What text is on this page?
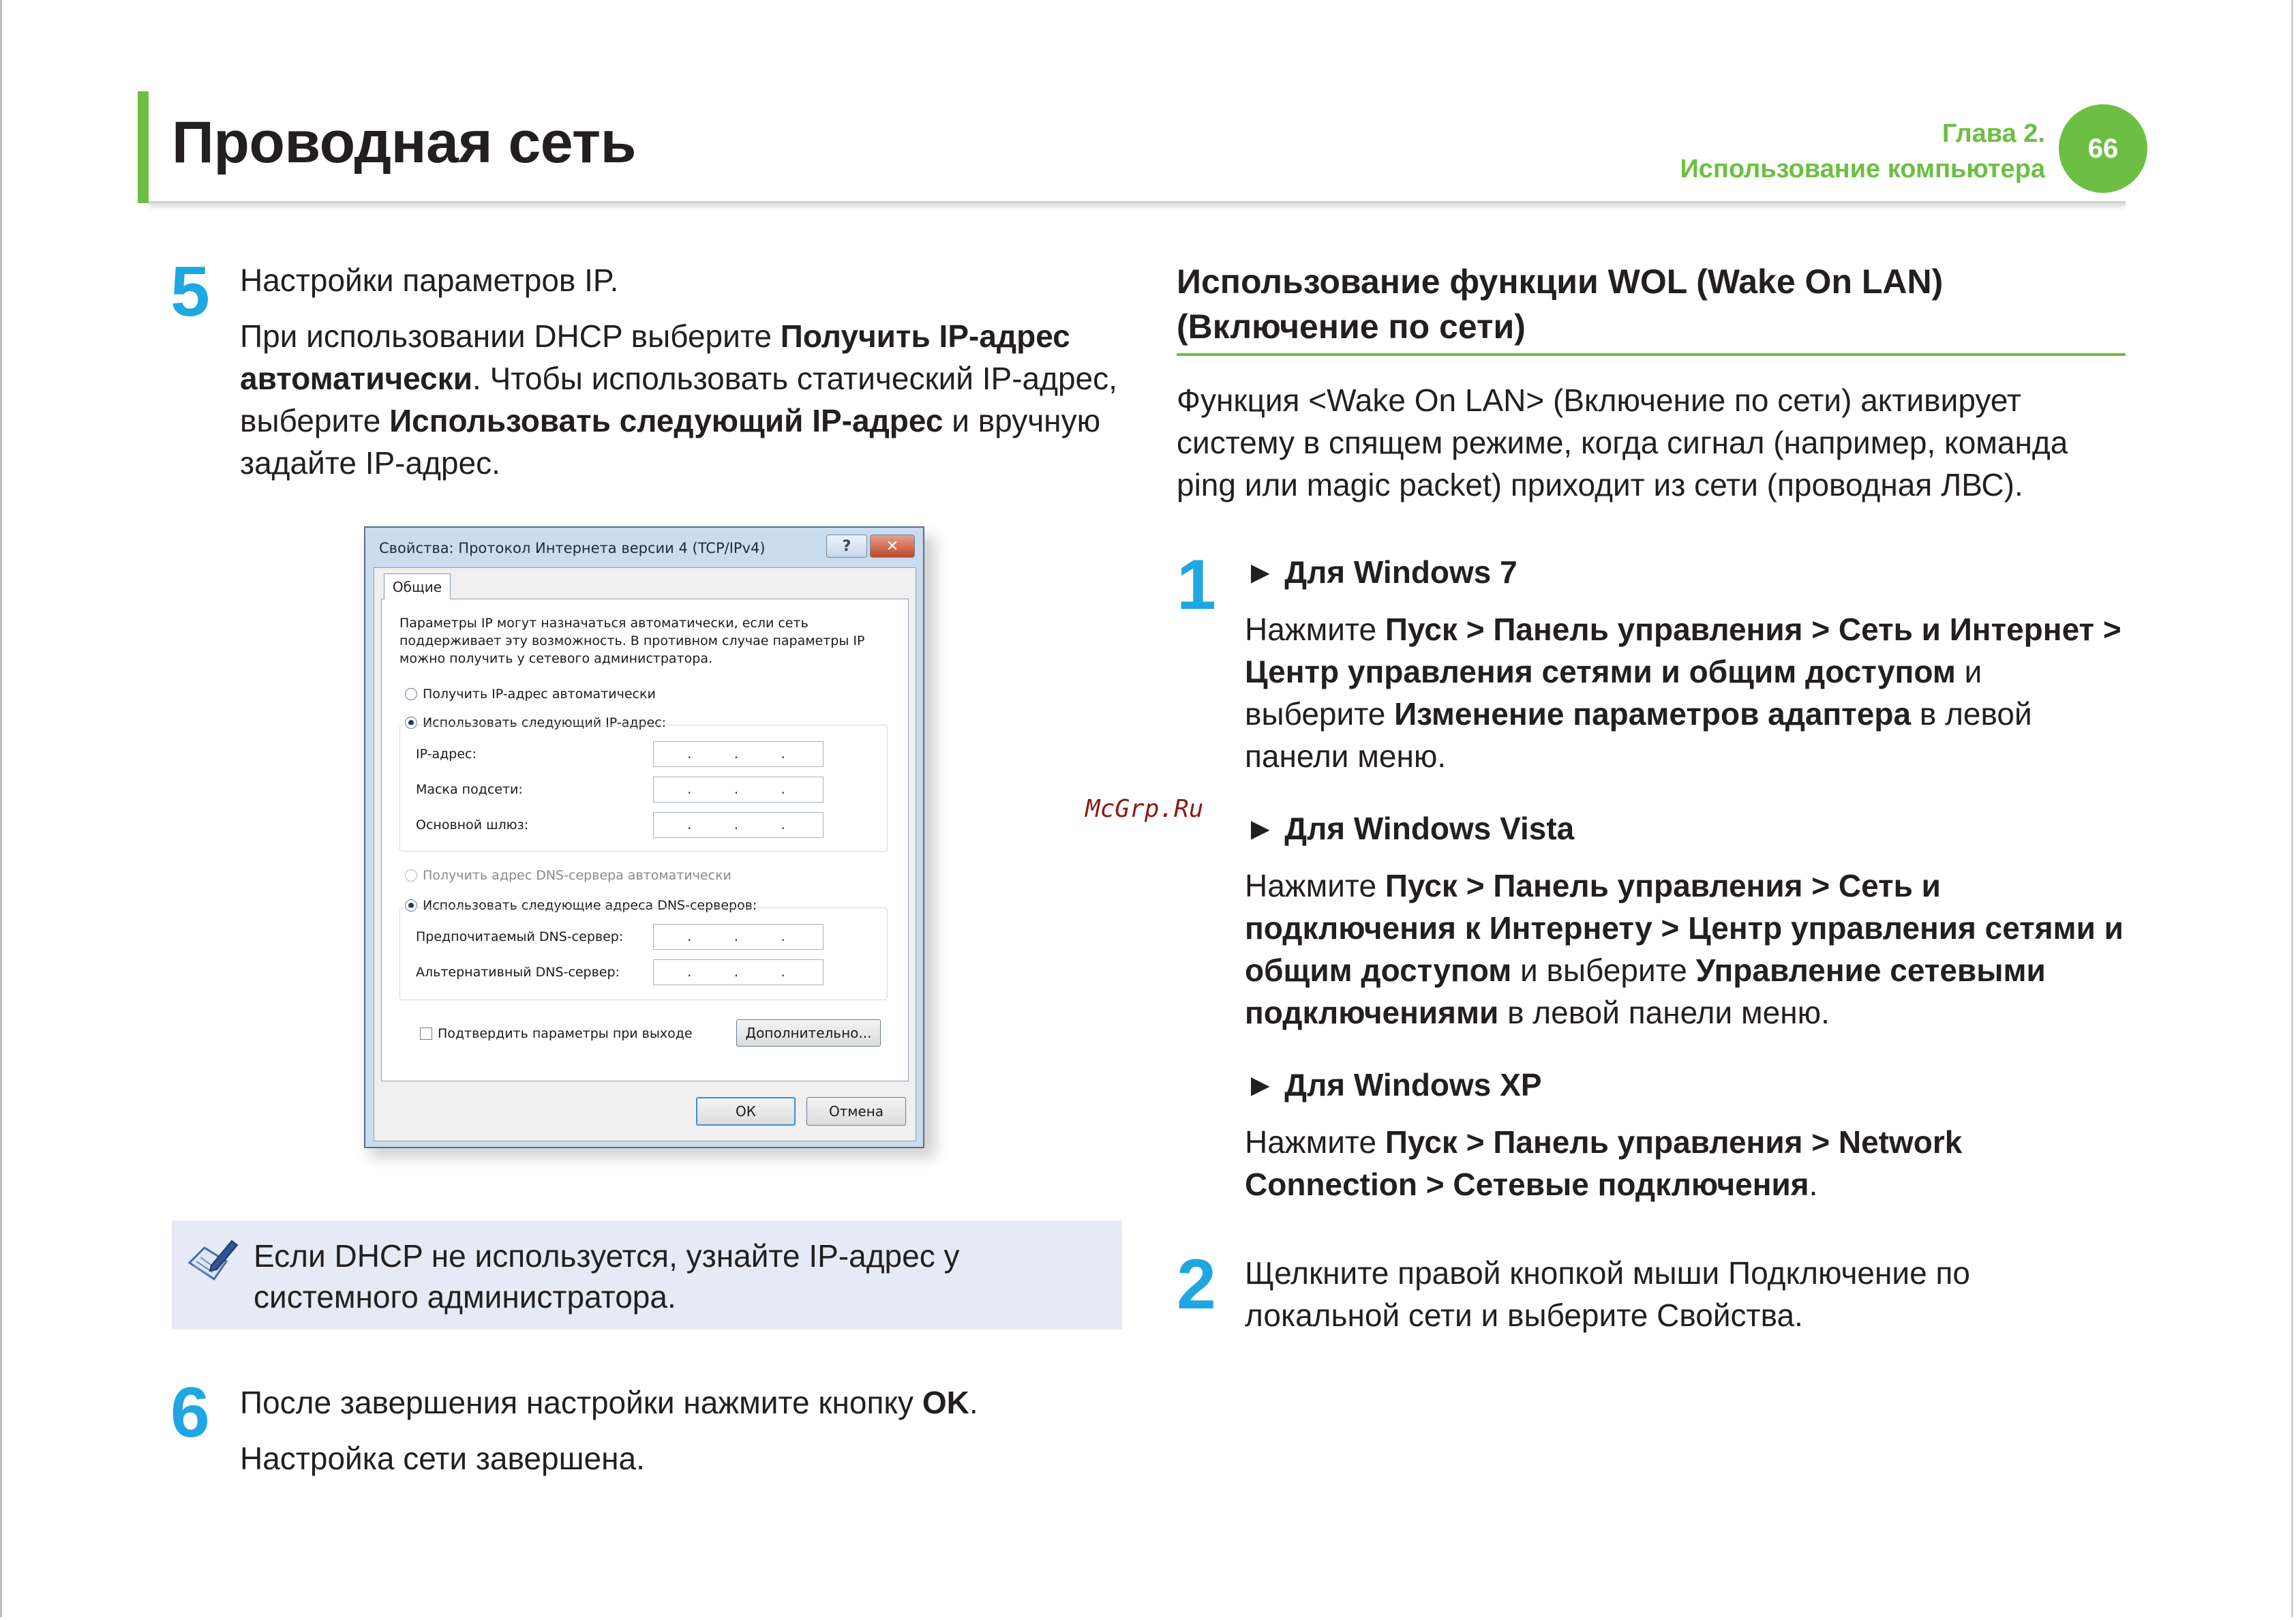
Проводная сеть	Глава 2.
Использование компьютера
66
5 Настройки параметров IP.
При использовании DHCP выберите Получить IP-адрес автоматически. Чтобы использовать статический IP-адрес, выберите Использовать следующий IP-адрес и вручную задайте IP-адрес.
Свойства: Протокол Интернета версии 4 (TCP/IPv4)	?	✕
Общие
Параметры IP могут назначаться автоматически, если сеть поддерживает эту возможность. В противном случае параметры IP можно получить у сетевого администратора.
Получить IP-адрес автоматически
Использовать следующий IP-адрес:
IP-адрес:	. . .
Маска подсети:	. . .
Основной шлюз:	. . .
Получить адрес DNS-сервера автоматически
Использовать следующие адреса DNS-серверов:
Предпочитаемый DNS-сервер:	. . .
Альтернативный DNS-сервер:	. . .
Подтвердить параметры при выходе	Дополнительно...
ОК	Отмена
Если DHCP не используется, узнайте IP-адрес у системного администратора.
6 После завершения настройки нажмите кнопку OK.
Настройка сети завершена.
McGrp.Ru
Использование функции WOL (Wake On LAN) (Включение по сети)
Функция <Wake On LAN> (Включение по сети) активирует систему в спящем режиме, когда сигнал (например, команда ping или magic packet) приходит из сети (проводная ЛВС).
1 ► Для Windows 7
Нажмите Пуск > Панель управления > Сеть и Интернет > Центр управления сетями и общим доступом и выберите Изменение параметров адаптера в левой панели меню.
► Для Windows Vista
Нажмите Пуск > Панель управления > Сеть и подключения к Интернету > Центр управления сетями и общим доступом и выберите Управление сетевыми подключениями в левой панели меню.
► Для Windows XP
Нажмите Пуск > Панель управления > Network Connection > Сетевые подключения.
2 Щелкните правой кнопкой мыши Подключение по локальной сети и выберите Свойства.
